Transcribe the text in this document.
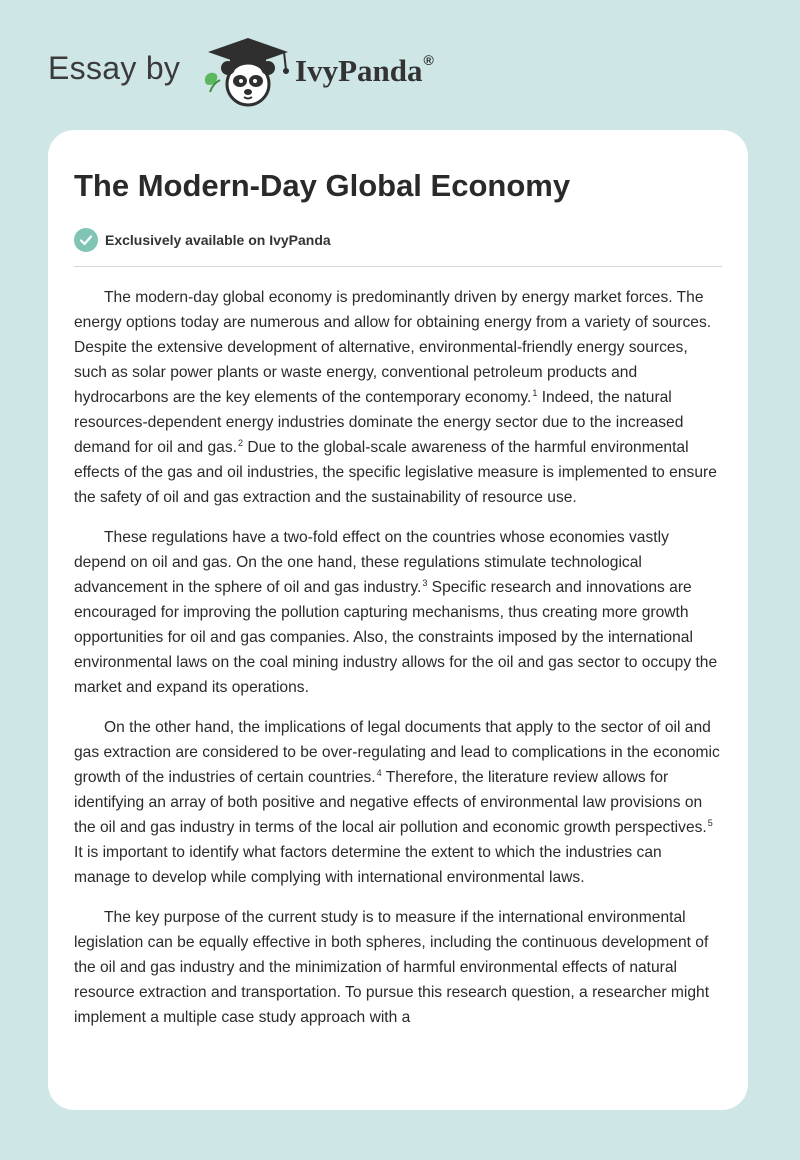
Essay by	IvyPanda®
The Modern-Day Global Economy
Exclusively available on IvyPanda

The modern-day global economy is predominantly driven by energy market forces. The energy options today are numerous and allow for obtaining energy from a variety of sources. Despite the extensive development of alternative, environmental-friendly energy sources, such as solar power plants or waste energy, conventional petroleum products and hydrocarbons are the key elements of the contemporary economy.$^1$ Indeed, the natural resources-dependent energy industries dominate the energy sector due to the increased demand for oil and gas.$^2$ Due to the global-scale awareness of the harmful environmental effects of the gas and oil industries, the specific legislative measure is implemented to ensure the safety of oil and gas extraction and the sustainability of resource use.

These regulations have a two-fold effect on the countries whose economies vastly depend on oil and gas. On the one hand, these regulations stimulate technological advancement in the sphere of oil and gas industry.$^3$ Specific research and innovations are encouraged for improving the pollution capturing mechanisms, thus creating more growth opportunities for oil and gas companies. Also, the constraints imposed by the international environmental laws on the coal mining industry allows for the oil and gas sector to occupy the market and expand its operations.

On the other hand, the implications of legal documents that apply to the sector of oil and gas extraction are considered to be over-regulating and lead to complications in the economic growth of the industries of certain countries.$^4$ Therefore, the literature review allows for identifying an array of both positive and negative effects of environmental law provisions on the oil and gas industry in terms of the local air pollution and economic growth perspectives.$^5$ It is important to identify what factors determine the extent to which the industries can manage to develop while complying with international environmental laws.

The key purpose of the current study is to measure if the international environmental legislation can be equally effective in both spheres, including the continuous development of the oil and gas industry and the minimization of harmful environmental effects of natural resource extraction and transportation. To pursue this research question, a researcher might implement a multiple case study approach with a
